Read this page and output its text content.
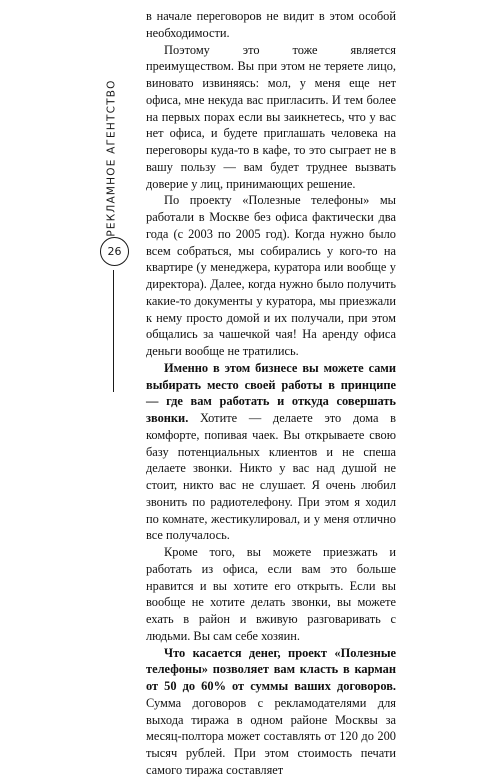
РЕКЛАМНОЕ АГЕНТСТВО
26

в начале переговоров не видит в этом особой необходимости.

Поэтому это тоже является преимуществом. Вы при этом не теряете лицо, виновато извиняясь: мол, у меня еще нет офиса, мне некуда вас пригласить. И тем более на первых порах если вы заикнетесь, что у вас нет офиса, и будете приглашать человека на переговоры куда-то в кафе, то это сыграет не в вашу пользу — вам будет труднее вызвать доверие у лиц, принимающих решение.

По проекту «Полезные телефоны» мы работали в Москве без офиса фактически два года (с 2003 по 2005 год). Когда нужно было всем собраться, мы собирались у кого-то на квартире (у менеджера, куратора или вообще у директора). Далее, когда нужно было получить какие-то документы у куратора, мы приезжали к нему просто домой и их получали, при этом общались за чашечкой чая! На аренду офиса деньги вообще не тратились.

Именно в этом бизнесе вы можете сами выбирать место своей работы в принципе — где вам работать и откуда совершать звонки. Хотите — делаете это дома в комфорте, попивая чаек. Вы открываете свою базу потенциальных клиентов и не спеша делаете звонки. Никто у вас над душой не стоит, никто вас не слушает. Я очень любил звонить по радиотелефону. При этом я ходил по комнате, жестикулировал, и у меня отлично все получалось.

Кроме того, вы можете приезжать и работать из офиса, если вам это больше нравится и вы хотите его открыть. Если вы вообще не хотите делать звонки, вы можете ехать в район и вживую разговаривать с людьми. Вы сам себе хозяин.

Что касается денег, проект «Полезные телефоны» позволяет вам класть в карман от 50 до 60% от суммы ваших договоров. Сумма договоров с рекламодателями для выхода тиража в одном районе Москвы за месяц-полтора может составлять от 120 до 200 тысяч рублей. При этом стоимость печати самого тиража составляет
